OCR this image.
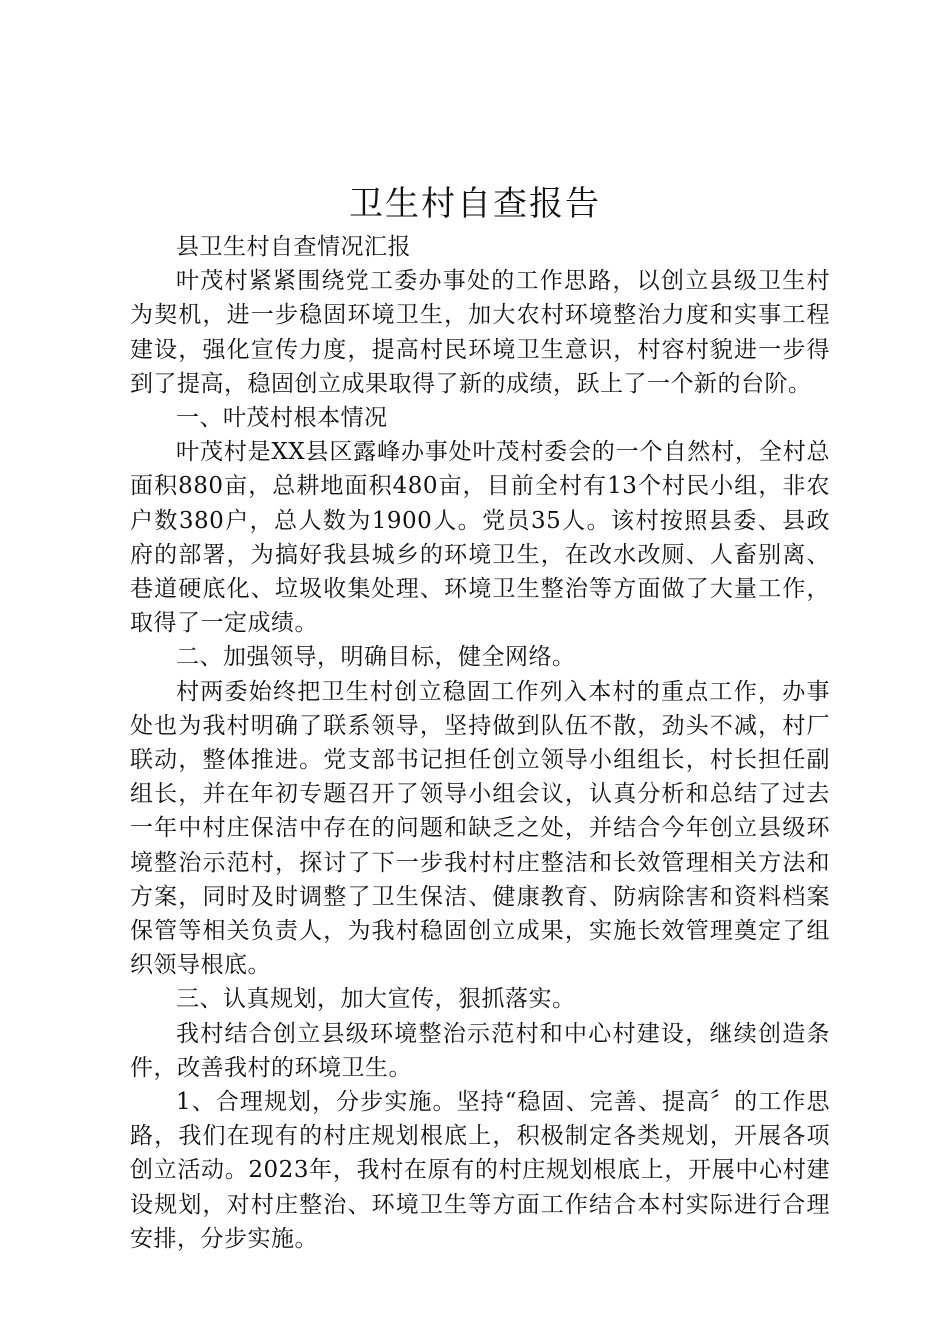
卫生村自查报告

县卫生村自查情况汇报

叶茂村紧紧围绕党工委办事处的工作思路，以创立县级卫生村为契机，进一步稳固环境卫生，加大农村环境整治力度和实事工程建设，强化宣传力度，提高村民环境卫生意识，村容村貌进一步得到了提高，稳固创立成果取得了新的成绩，跃上了一个新的台阶。

一、叶茂村根本情况

叶茂村是XX县区露峰办事处叶茂村委会的一个自然村，全村总面积880亩，总耕地面积480亩，目前全村有13个村民小组，非农户数380户，总人数为1900人。党员35人。该村按照县委、县政府的部署，为搞好我县城乡的环境卫生，在改水改厕、人畜别离、巷道硬底化、垃圾收集处理、环境卫生整治等方面做了大量工作，取得了一定成绩。

二、加强领导，明确目标，健全网络。

村两委始终把卫生村创立稳固工作列入本村的重点工作，办事处也为我村明确了联系领导，坚持做到队伍不散，劲头不减，村厂联动，整体推进。党支部书记担任创立领导小组组长，村长担任副组长，并在年初专题召开了领导小组会议，认真分析和总结了过去一年中村庄保洁中存在的问题和缺乏之处，并结合今年创立县级环境整治示范村，探讨了下一步我村村庄整洁和长效管理相关方法和方案，同时及时调整了卫生保洁、健康教育、防病除害和资料档案保管等相关负责人，为我村稳固创立成果，实施长效管理奠定了组织领导根底。

三、认真规划，加大宣传，狠抓落实。

我村结合创立县级环境整治示范村和中心村建设，继续创造条件，改善我村的环境卫生。

1、合理规划，分步实施。坚持“稳固、完善、提高〞的工作思路，我们在现有的村庄规划根底上，积极制定各类规划，开展各项创立活动。2023年，我村在原有的村庄规划根底上，开展中心村建设规划，对村庄整治、环境卫生等方面工作结合本村实际进行合理安排，分步实施。
